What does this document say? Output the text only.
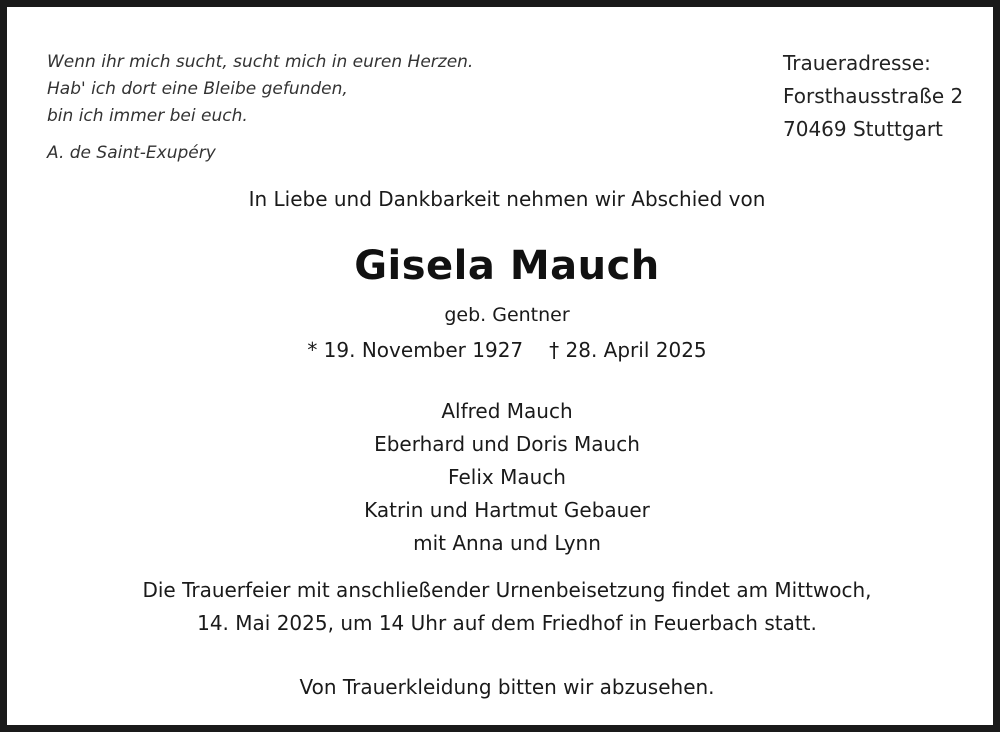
Wenn ihr mich sucht, sucht mich in euren Herzen.
Hab' ich dort eine Bleibe gefunden,
bin ich immer bei euch.
A. de Saint-Exupéry
Traueradresse:
Forsthausstraße 2
70469 Stuttgart
In Liebe und Dankbarkeit nehmen wir Abschied von
Gisela Mauch
geb. Gentner
* 19. November 1927 † 28. April 2025
Alfred Mauch
Eberhard und Doris Mauch
Felix Mauch
Katrin und Hartmut Gebauer
mit Anna und Lynn
Die Trauerfeier mit anschließender Urnenbeisetzung findet am Mittwoch,
14. Mai 2025, um 14 Uhr auf dem Friedhof in Feuerbach statt.
Von Trauerkleidung bitten wir abzusehen.
